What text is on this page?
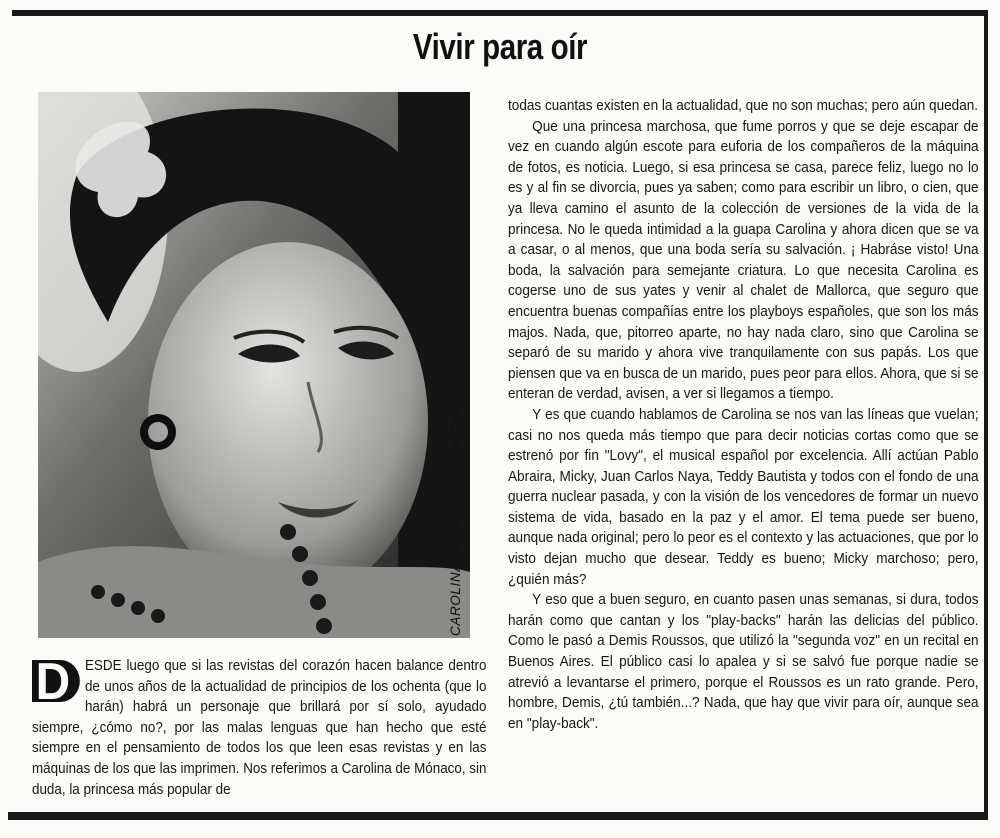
Vivir para oír
CAROLINA SIGUE EN LA BRECHA
D	ESDE luego que si las revistas del corazón hacen balance dentro de unos años de la actualidad de principios de los ochenta (que lo harán) habrá un personaje que brillará por sí solo, ayudado siempre, ¿cómo no?, por las malas lenguas que han hecho que esté siempre en el pensamiento de todos los que leen esas revistas y en las máquinas de los que las imprimen. Nos referimos a Carolina de Mónaco, sin duda, la princesa más popular de

todas cuantas existen en la actualidad, que no son muchas; pero aún quedan.

Que una princesa marchosa, que fume porros y que se deje escapar de vez en cuando algún escote para euforia de los compañeros de la máquina de fotos, es noticia. Luego, si esa princesa se casa, parece feliz, luego no lo es y al fin se divorcia, pues ya saben; como para escribir un libro, o cien, que ya lleva camino el asunto de la colección de versiones de la vida de la princesa. No le queda intimidad a la guapa Carolina y ahora dicen que se va a casar, o al menos, que una boda sería su salvación. ¡ Habráse visto! Una boda, la salvación para semejante criatura. Lo que necesita Carolina es cogerse uno de sus yates y venir al chalet de Mallorca, que seguro que encuentra buenas compañías entre los playboys españoles, que son los más majos. Nada, que, pitorreo aparte, no hay nada claro, sino que Carolina se separó de su marido y ahora vive tranquilamente con sus papás. Los que piensen que va en busca de un marido, pues peor para ellos. Ahora, que si se enteran de verdad, avisen, a ver si llegamos a tiempo.

Y es que cuando hablamos de Carolina se nos van las líneas que vuelan; casi no nos queda más tiempo que para decir noticias cortas como que se estrenó por fin "Lovy", el musical español por excelencia. Allí actúan Pablo Abraira, Micky, Juan Carlos Naya, Teddy Bautista y todos con el fondo de una guerra nuclear pasada, y con la visión de los vencedores de formar un nuevo sistema de vida, basado en la paz y el amor. El tema puede ser bueno, aunque nada original; pero lo peor es el contexto y las actuaciones, que por lo visto dejan mucho que desear. Teddy es bueno; Micky marchoso; pero, ¿quién más?

Y eso que a buen seguro, en cuanto pasen unas semanas, si dura, todos harán como que cantan y los "play-backs" harán las delicias del público. Como le pasó a Demis Roussos, que utilizó la "segunda voz" en un recital en Buenos Aires. El público casi lo apalea y si se salvó fue porque nadie se atrevió a levantarse el primero, porque el Roussos es un rato grande. Pero, hombre, Demis, ¿tú también...? Nada, que hay que vivir para oír, aunque sea en "play-back".
